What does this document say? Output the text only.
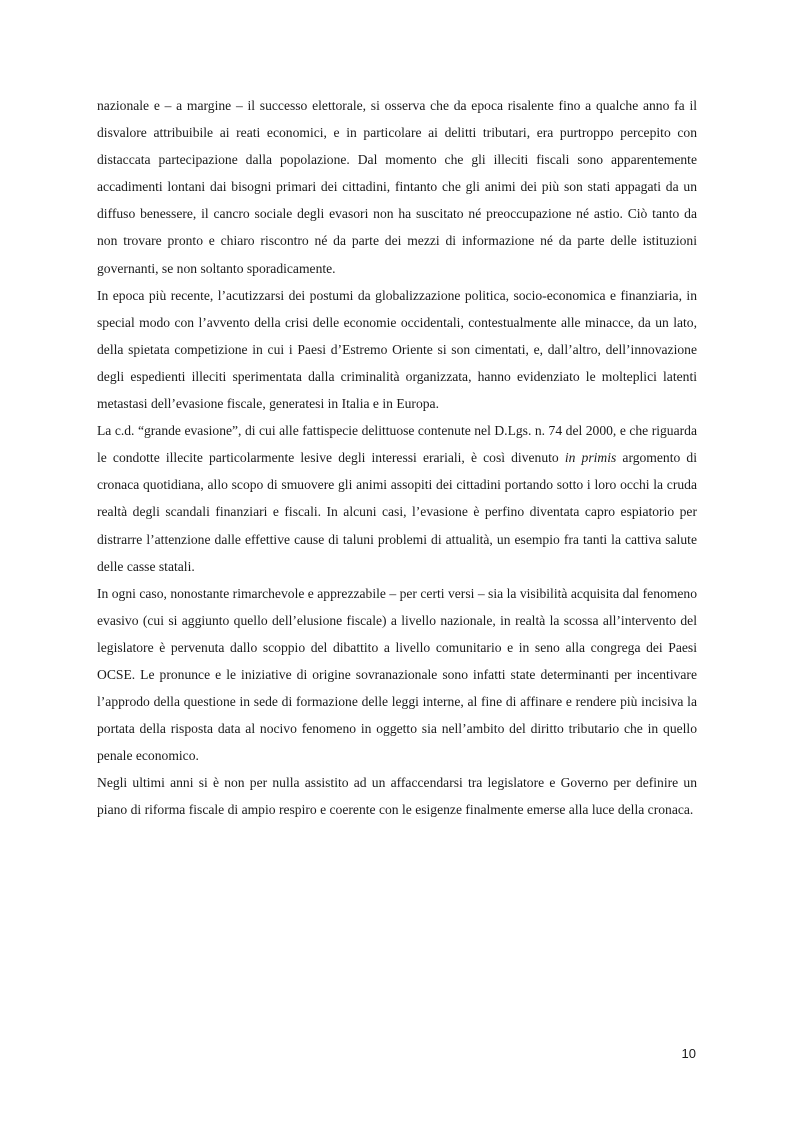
nazionale e – a margine – il successo elettorale, si osserva che da epoca risalente fino a qualche anno fa il disvalore attribuibile ai reati economici, e in particolare ai delitti tributari, era purtroppo percepito con distaccata partecipazione dalla popolazione. Dal momento che gli illeciti fiscali sono apparentemente accadimenti lontani dai bisogni primari dei cittadini, fintanto che gli animi dei più son stati appagati da un diffuso benessere, il cancro sociale degli evasori non ha suscitato né preoccupazione né astio. Ciò tanto da non trovare pronto e chiaro riscontro né da parte dei mezzi di informazione né da parte delle istituzioni governanti, se non soltanto sporadicamente.

In epoca più recente, l’acutizzarsi dei postumi da globalizzazione politica, socio-economica e finanziaria, in special modo con l’avvento della crisi delle economie occidentali, contestualmente alle minacce, da un lato, della spietata competizione in cui i Paesi d’Estremo Oriente si son cimentati, e, dall’altro, dell’innovazione degli espedienti illeciti sperimentata dalla criminalità organizzata, hanno evidenziato le molteplici latenti metastasi dell’evasione fiscale, generatesi in Italia e in Europa.

La c.d. “grande evasione”, di cui alle fattispecie delittuose contenute nel D.Lgs. n. 74 del 2000, e che riguarda le condotte illecite particolarmente lesive degli interessi erariali, è così divenuto in primis argomento di cronaca quotidiana, allo scopo di smuovere gli animi assopiti dei cittadini portando sotto i loro occhi la cruda realtà degli scandali finanziari e fiscali. In alcuni casi, l’evasione è perfino diventata capro espiatorio per distrarre l’attenzione dalle effettive cause di taluni problemi di attualità, un esempio fra tanti la cattiva salute delle casse statali.

In ogni caso, nonostante rimarchevole e apprezzabile – per certi versi – sia la visibilità acquisita dal fenomeno evasivo (cui si aggiunto quello dell’elusione fiscale) a livello nazionale, in realtà la scossa all’intervento del legislatore è pervenuta dallo scoppio del dibattito a livello comunitario e in seno alla congrega dei Paesi OCSE. Le pronunce e le iniziative di origine sovranazionale sono infatti state determinanti per incentivare l’approdo della questione in sede di formazione delle leggi interne, al fine di affinare e rendere più incisiva la portata della risposta data al nocivo fenomeno in oggetto sia nell’ambito del diritto tributario che in quello penale economico.

Negli ultimi anni si è non per nulla assistito ad un affaccendarsi tra legislatore e Governo per definire un piano di riforma fiscale di ampio respiro e coerente con le esigenze finalmente emerse alla luce della cronaca.

10
